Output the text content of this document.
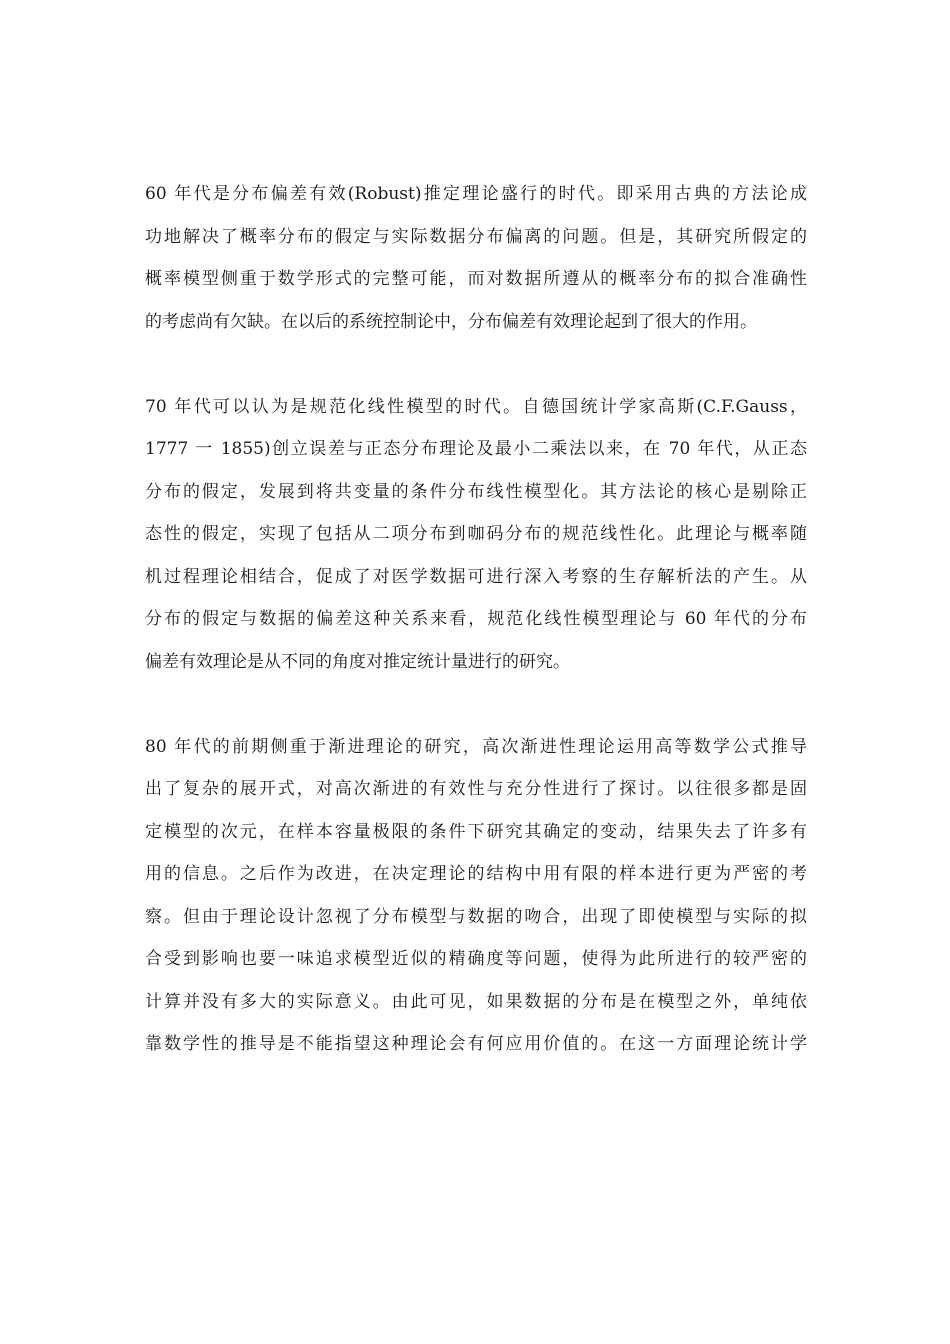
60 年代是分布偏差有效(Robust)推定理论盛行的时代。即采用古典的方法论成
功地解决了概率分布的假定与实际数据分布偏离的问题。但是，其研究所假定的
概率模型侧重于数学形式的完整可能，而对数据所遵从的概率分布的拟合准确性
的考虑尚有欠缺。在以后的系统控制论中，分布偏差有效理论起到了很大的作用。
70 年代可以认为是规范化线性模型的时代。自德国统计学家高斯(C.F.Gauss，
1777 一 1855)创立误差与正态分布理论及最小二乘法以来，在 70 年代，从正态
分布的假定，发展到将共变量的条件分布线性模型化。其方法论的核心是剔除正
态性的假定，实现了包括从二项分布到咖码分布的规范线性化。此理论与概率随
机过程理论相结合，促成了对医学数据可进行深入考察的生存解析法的产生。从
分布的假定与数据的偏差这种关系来看，规范化线性模型理论与 60 年代的分布
偏差有效理论是从不同的角度对推定统计量进行的研究。
80 年代的前期侧重于渐进理论的研究，高次渐进性理论运用高等数学公式推导
出了复杂的展开式，对高次渐进的有效性与充分性进行了探讨。以往很多都是固
定模型的次元，在样本容量极限的条件下研究其确定的变动，结果失去了许多有
用的信息。之后作为改进，在决定理论的结构中用有限的样本进行更为严密的考
察。但由于理论设计忽视了分布模型与数据的吻合，出现了即使模型与实际的拟
合受到影响也要一味追求模型近似的精确度等问题，使得为此所进行的较严密的
计算并没有多大的实际意义。由此可见，如果数据的分布是在模型之外，单纯依
靠数学性的推导是不能指望这种理论会有何应用价值的。在这一方面理论统计学
